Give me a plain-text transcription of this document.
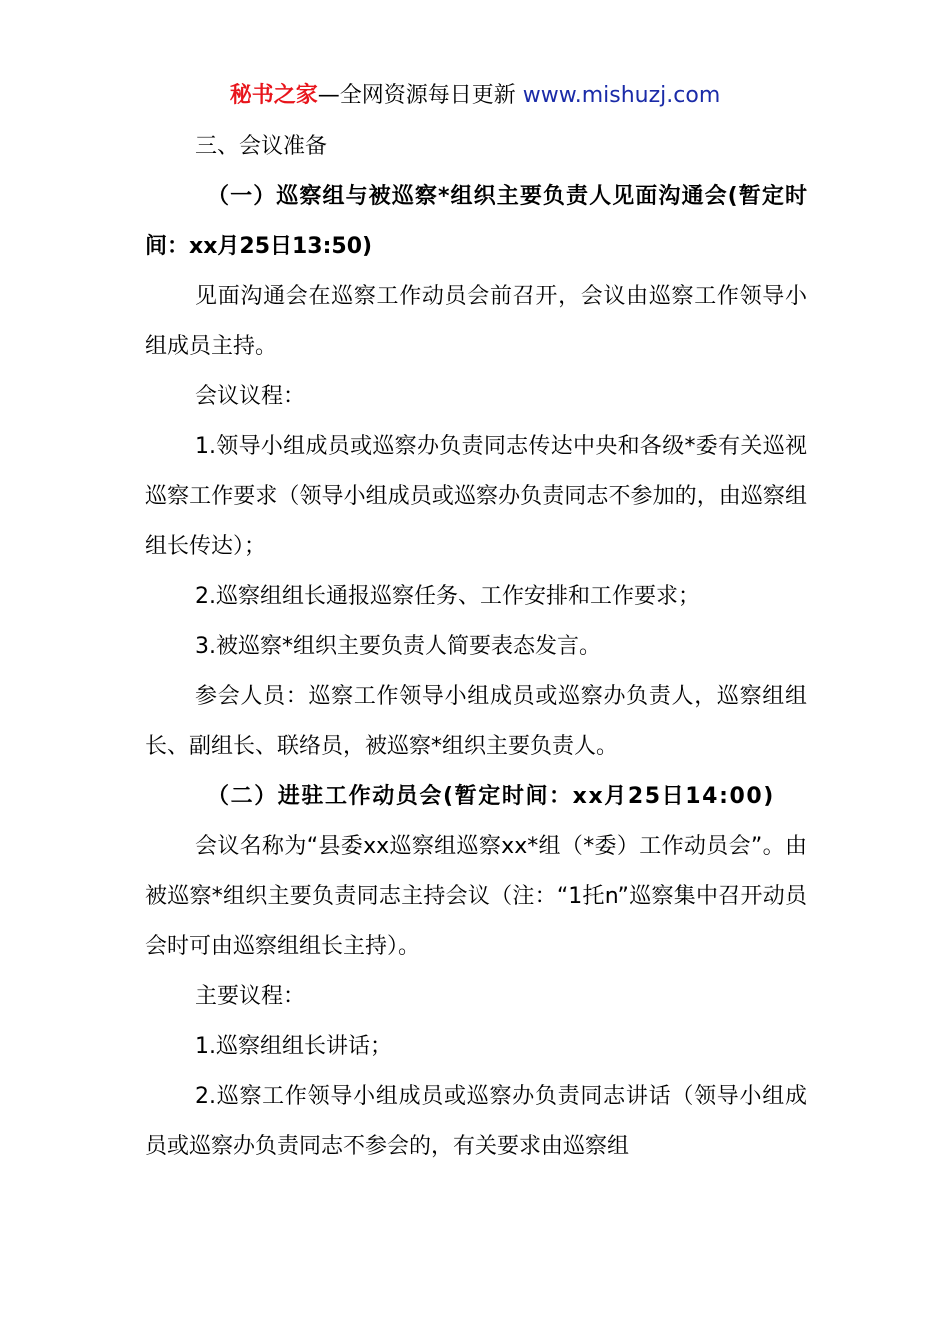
秘书之家—全网资源每日更新 www.mishuzj.com

三、会议准备

（一）巡察组与被巡察*组织主要负责人见面沟通会(暂定时间：xx月25日13:50)

见面沟通会在巡察工作动员会前召开，会议由巡察工作领导小组成员主持。

会议议程：

1.领导小组成员或巡察办负责同志传达中央和各级*委有关巡视巡察工作要求（领导小组成员或巡察办负责同志不参加的，由巡察组组长传达）；

2.巡察组组长通报巡察任务、工作安排和工作要求；

3.被巡察*组织主要负责人简要表态发言。

参会人员：巡察工作领导小组成员或巡察办负责人，巡察组组长、副组长、联络员，被巡察*组织主要负责人。

（二）进驻工作动员会(暂定时间：xx月25日14:00)

会议名称为“县委xx巡察组巡察xx*组（*委）工作动员会”。由被巡察*组织主要负责同志主持会议（注：“1托n”巡察集中召开动员会时可由巡察组组长主持）。

主要议程：

1.巡察组组长讲话；

2.巡察工作领导小组成员或巡察办负责同志讲话（领导小组成员或巡察办负责同志不参会的，有关要求由巡察组
